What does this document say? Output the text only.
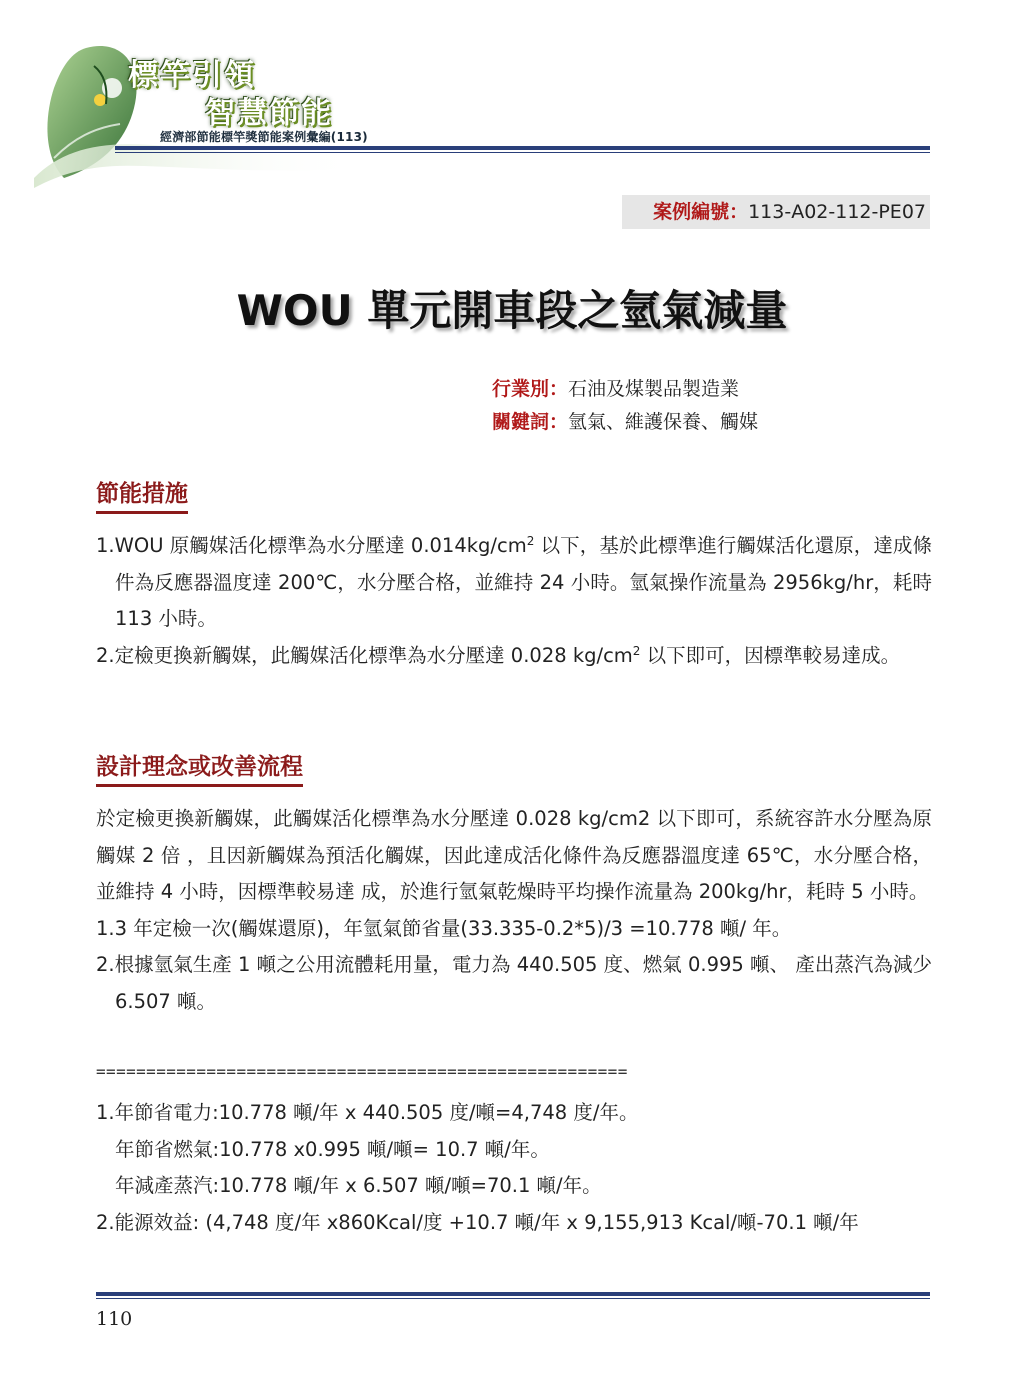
標竿引領
智慧節能
經濟部節能標竿獎節能案例彙編(113)
案例編號：113-A02-112-PE07
WOU 單元開車段之氫氣減量
行業別：石油及煤製品製造業
關鍵詞：氫氣、維護保養、觸媒
節能措施

1.WOU 原觸媒活化標準為水分壓達 $0.014kg/cm^2$ 以下，基於此標準進行觸媒活化還原，達成條件為反應器溫度達 200℃，水分壓合格，並維持 24 小時。氫氣操作流量為 2956kg/hr，耗時 113 小時。

2.定檢更換新觸媒，此觸媒活化標準為水分壓達 0.028 $kg/cm^2$ 以下即可，因標準較易達成。

設計理念或改善流程

於定檢更換新觸媒，此觸媒活化標準為水分壓達 0.028 kg/cm2 以下即可，系統容許水分壓為原觸媒 2 倍 ，且因新觸媒為預活化觸媒，因此達成活化條件為反應器溫度達 65℃，水分壓合格，並維持 4 小時，因標準較易達 成，於進行氫氣乾燥時平均操作流量為 200kg/hr，耗時 5 小時。

1.3 年定檢一次(觸媒還原)，年氫氣節省量(33.335-0.2*5)/3 =10.778 噸/ 年。

2.根據氫氣生產 1 噸之公用流體耗用量，電力為 440.505 度、燃氣 0.995 噸、 產出蒸汽為減少 6.507 噸。

=====================================================

1.年節省電力:10.778 噸/年 x 440.505 度/噸=4,748 度/年。

年節省燃氣:10.778 x0.995 噸/噸= 10.7 噸/年。

年減產蒸汽:10.778 噸/年 x 6.507 噸/噸=70.1 噸/年。

2.能源效益: (4,748 度/年 x860Kcal/度 +10.7 噸/年 x 9,155,913 Kcal/噸-70.1 噸/年

110
